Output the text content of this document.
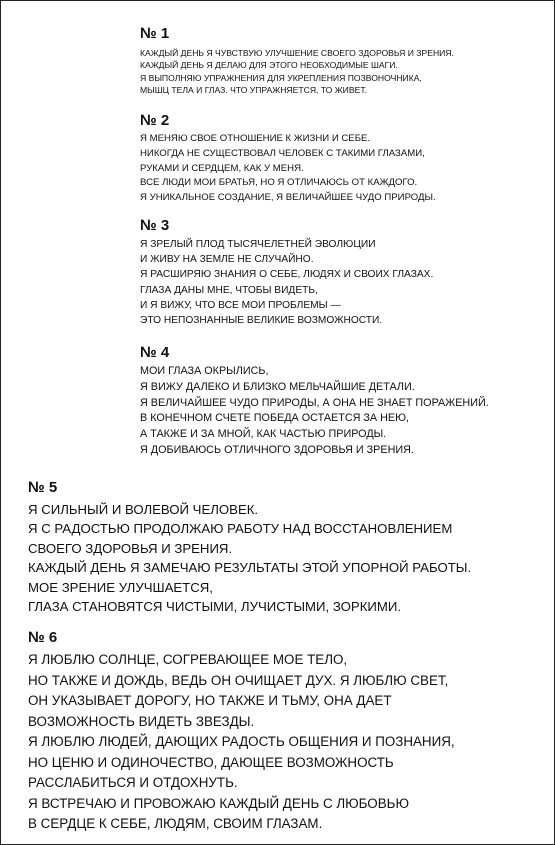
№ 1

КАЖДЫЙ ДЕНЬ Я ЧУВСТВУЮ УЛУЧШЕНИЕ СВОЕГО ЗДОРОВЬЯ И ЗРЕНИЯ.

КАЖДЫЙ ДЕНЬ Я ДЕЛАЮ ДЛЯ ЭТОГО НЕОБХОДИМЫЕ ШАГИ.

Я ВЫПОЛНЯЮ УПРАЖНЕНИЯ ДЛЯ УКРЕПЛЕНИЯ ПОЗВОНОЧНИКА,

МЫШЦ ТЕЛА И ГЛАЗ. ЧТО УПРАЖНЯЕТСЯ, ТО ЖИВЕТ.

№ 2

Я МЕНЯЮ СВОЕ ОТНОШЕНИЕ К ЖИЗНИ И СЕБЕ.

НИКОГДА НЕ СУЩЕСТВОВАЛ ЧЕЛОВЕК С ТАКИМИ ГЛАЗАМИ,

РУКАМИ И СЕРДЦЕМ, КАК У МЕНЯ.

ВСЕ ЛЮДИ МОИ БРАТЬЯ, НО Я ОТЛИЧАЮСЬ ОТ КАЖДОГО.

Я УНИКАЛЬНОЕ СОЗДАНИЕ, Я ВЕЛИЧАЙШЕЕ ЧУДО ПРИРОДЫ.

№ 3

Я ЗРЕЛЫЙ ПЛОД ТЫСЯЧЕЛЕТНЕЙ ЭВОЛЮЦИИ

И ЖИВУ НА ЗЕМЛЕ НЕ СЛУЧАЙНО.

Я РАСШИРЯЮ ЗНАНИЯ О СЕБЕ, ЛЮДЯХ И СВОИХ ГЛАЗАХ.

ГЛАЗА ДАНЫ МНЕ, ЧТОБЫ ВИДЕТЬ,

И Я ВИЖУ, ЧТО ВСЕ МОИ ПРОБЛЕМЫ —

ЭТО НЕПОЗНАННЫЕ ВЕЛИКИЕ ВОЗМОЖНОСТИ.

№ 4

МОИ ГЛАЗА ОКРЫЛИСЬ,

Я ВИЖУ ДАЛЕКО И БЛИЗКО МЕЛЬЧАЙШИЕ ДЕТАЛИ.

Я ВЕЛИЧАЙШЕЕ ЧУДО ПРИРОДЫ, А ОНА НЕ ЗНАЕТ ПОРАЖЕНИЙ.

В КОНЕЧНОМ СЧЕТЕ ПОБЕДА ОСТАЕТСЯ ЗА НЕЮ,

А ТАКЖЕ И ЗА МНОЙ, КАК ЧАСТЬЮ ПРИРОДЫ.

Я ДОБИВАЮСЬ ОТЛИЧНОГО ЗДОРОВЬЯ И ЗРЕНИЯ.

№ 5

Я СИЛЬНЫЙ И ВОЛЕВОЙ ЧЕЛОВЕК.

Я С РАДОСТЬЮ ПРОДОЛЖАЮ РАБОТУ НАД ВОССТАНОВЛЕНИЕМ

СВОЕГО ЗДОРОВЬЯ И ЗРЕНИЯ.

КАЖДЫЙ ДЕНЬ Я ЗАМЕЧАЮ РЕЗУЛЬТАТЫ ЭТОЙ УПОРНОЙ РАБОТЫ.

МОЕ ЗРЕНИЕ УЛУЧШАЕТСЯ,

ГЛАЗА СТАНОВЯТСЯ ЧИСТЫМИ, ЛУЧИСТЫМИ, ЗОРКИМИ.

№ 6

Я ЛЮБЛЮ СОЛНЦЕ, СОГРЕВАЮЩЕЕ МОЕ ТЕЛО,

НО ТАКЖЕ И ДОЖДЬ, ВЕДЬ ОН ОЧИЩАЕТ ДУХ. Я ЛЮБЛЮ СВЕТ,

ОН УКАЗЫВАЕТ ДОРОГУ, НО ТАКЖЕ И ТЬМУ, ОНА ДАЕТ

ВОЗМОЖНОСТЬ ВИДЕТЬ ЗВЕЗДЫ.

Я ЛЮБЛЮ ЛЮДЕЙ, ДАЮЩИХ РАДОСТЬ ОБЩЕНИЯ И ПОЗНАНИЯ,

НО ЦЕНЮ И ОДИНОЧЕСТВО, ДАЮЩЕЕ ВОЗМОЖНОСТЬ

РАССЛАБИТЬСЯ И ОТДОХНУТЬ.

Я ВСТРЕЧАЮ И ПРОВОЖАЮ КАЖДЫЙ ДЕНЬ С ЛЮБОВЬЮ

В СЕРДЦЕ К СЕБЕ, ЛЮДЯМ, СВОИМ ГЛАЗАМ.
